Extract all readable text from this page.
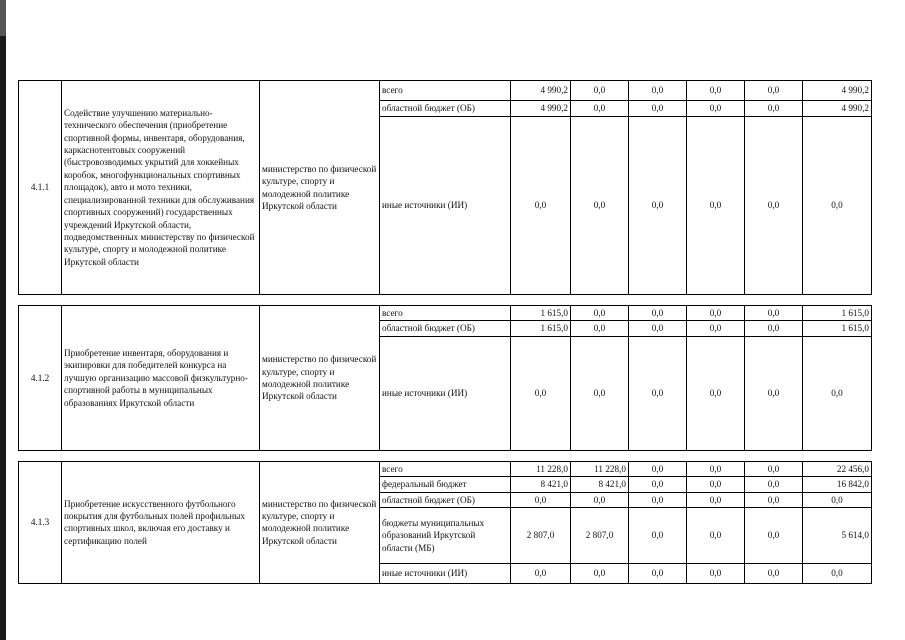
4.1.1	Содействие улучшению материально-технического обеспечения (приобретение спортивной формы, инвентаря, оборудования, каркаснотентовых сооружений (быстровозводимых укрытий для хоккейных коробок, многофункциональных спортивных площадок), авто и мото техники, специализированной техники для обслуживания спортивных сооружений) государственных учреждений Иркутской области, подведомственных министерству по физической культуре, спорту и молодежной политике Иркутской области	министерство по физической культуре, спорту и молодежной политике Иркутской области	всего	4 990,2	0,0	0,0	0,0	0,0	4 990,2
			областной бюджет (ОБ)	4 990,2	0,0	0,0	0,0	0,0	4 990,2
			иные источники (ИИ)	0,0	0,0	0,0	0,0	0,0	0,0

4.1.2	Приобретение инвентаря, оборудования и экипировки для победителей конкурса на лучшую организацию массовой физкультурно-спортивной работы в муниципальных образованиях Иркутской области	министерство по физической культуре, спорту и молодежной политике Иркутской области	всего	1 615,0	0,0	0,0	0,0	0,0	1 615,0
			областной бюджет (ОБ)	1 615,0	0,0	0,0	0,0	0,0	1 615,0
			иные источники (ИИ)	0,0	0,0	0,0	0,0	0,0	0,0

4.1.3	Приобретение искусственного футбольного покрытия для футбольных полей профильных спортивных школ, включая его доставку и сертификацию полей	министерство по физической культуре, спорту и молодежной политике Иркутской области	всего	11 228,0	11 228,0	0,0	0,0	0,0	22 456,0
			федеральный бюджет	8 421,0	8 421,0	0,0	0,0	0,0	16 842,0
			областной бюджет (ОБ)	0,0	0,0	0,0	0,0	0,0	0,0
			бюджеты муниципальных образований Иркутской области (МБ)	2 807,0	2 807,0	0,0	0,0	0,0	5 614,0
			иные источники (ИИ)	0,0	0,0	0,0	0,0	0,0	0,0
